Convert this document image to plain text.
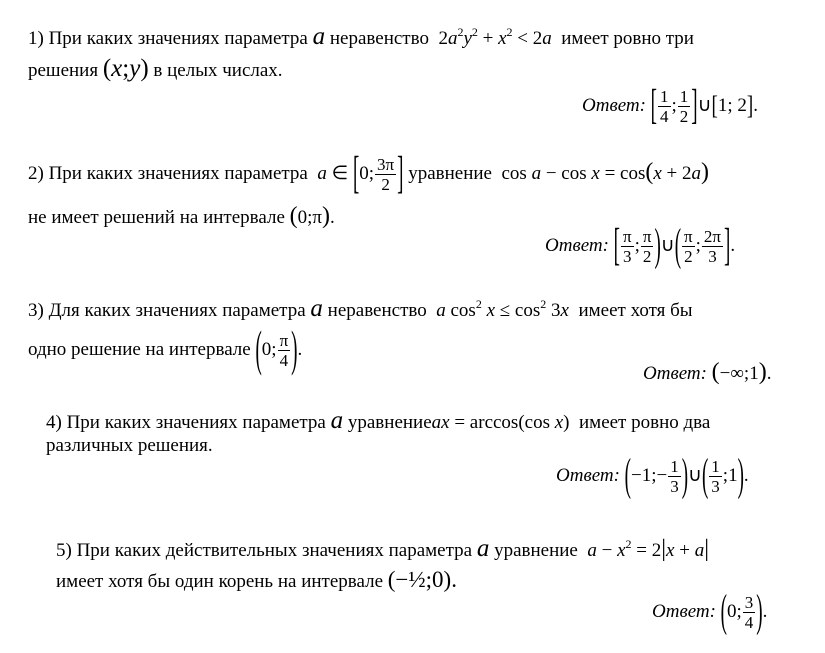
1) При каких значениях параметра a неравенство $2a^2y^2 + x^2 < 2a$ имеет ровно три
решения (x;y) в целых числах.
Ответ: [ $\frac{1}{4}$ ; $\frac{1}{2}$ ]∪[1; 2].
2) При каких значениях параметра a ∈ [0; $\frac{3\pi}{2}$ ] уравнение cos a − cos x = cos(x + 2a)
не имеет решений на интервале (0;π).
Ответ: [ $\frac{\pi}{3}$ ; $\frac{\pi}{2}$ )∪( $\frac{\pi}{2}$ ; $\frac{2\pi}{3}$ ].
3) Для каких значениях параметра a неравенство a $\cos^2 x \le \cos^2 3x$ имеет хотя бы
одно решение на интервале (0; $\frac{\pi}{4}$ ).
Ответ: (−∞;1).
4) При каких значениях параметра a уравнениеax = arccos(cos x) имеет ровно два
различных решения.
Ответ: (−1;− $\frac{1}{3}$ )∪( $\frac{1}{3}$ ;1).
5) При каких действительных значениях параметра a уравнение $a - x^2 = 2|x + a|$
имеет хотя бы один корень на интервале (−½;0).
Ответ: (0; $\frac{3}{4}$ ).
